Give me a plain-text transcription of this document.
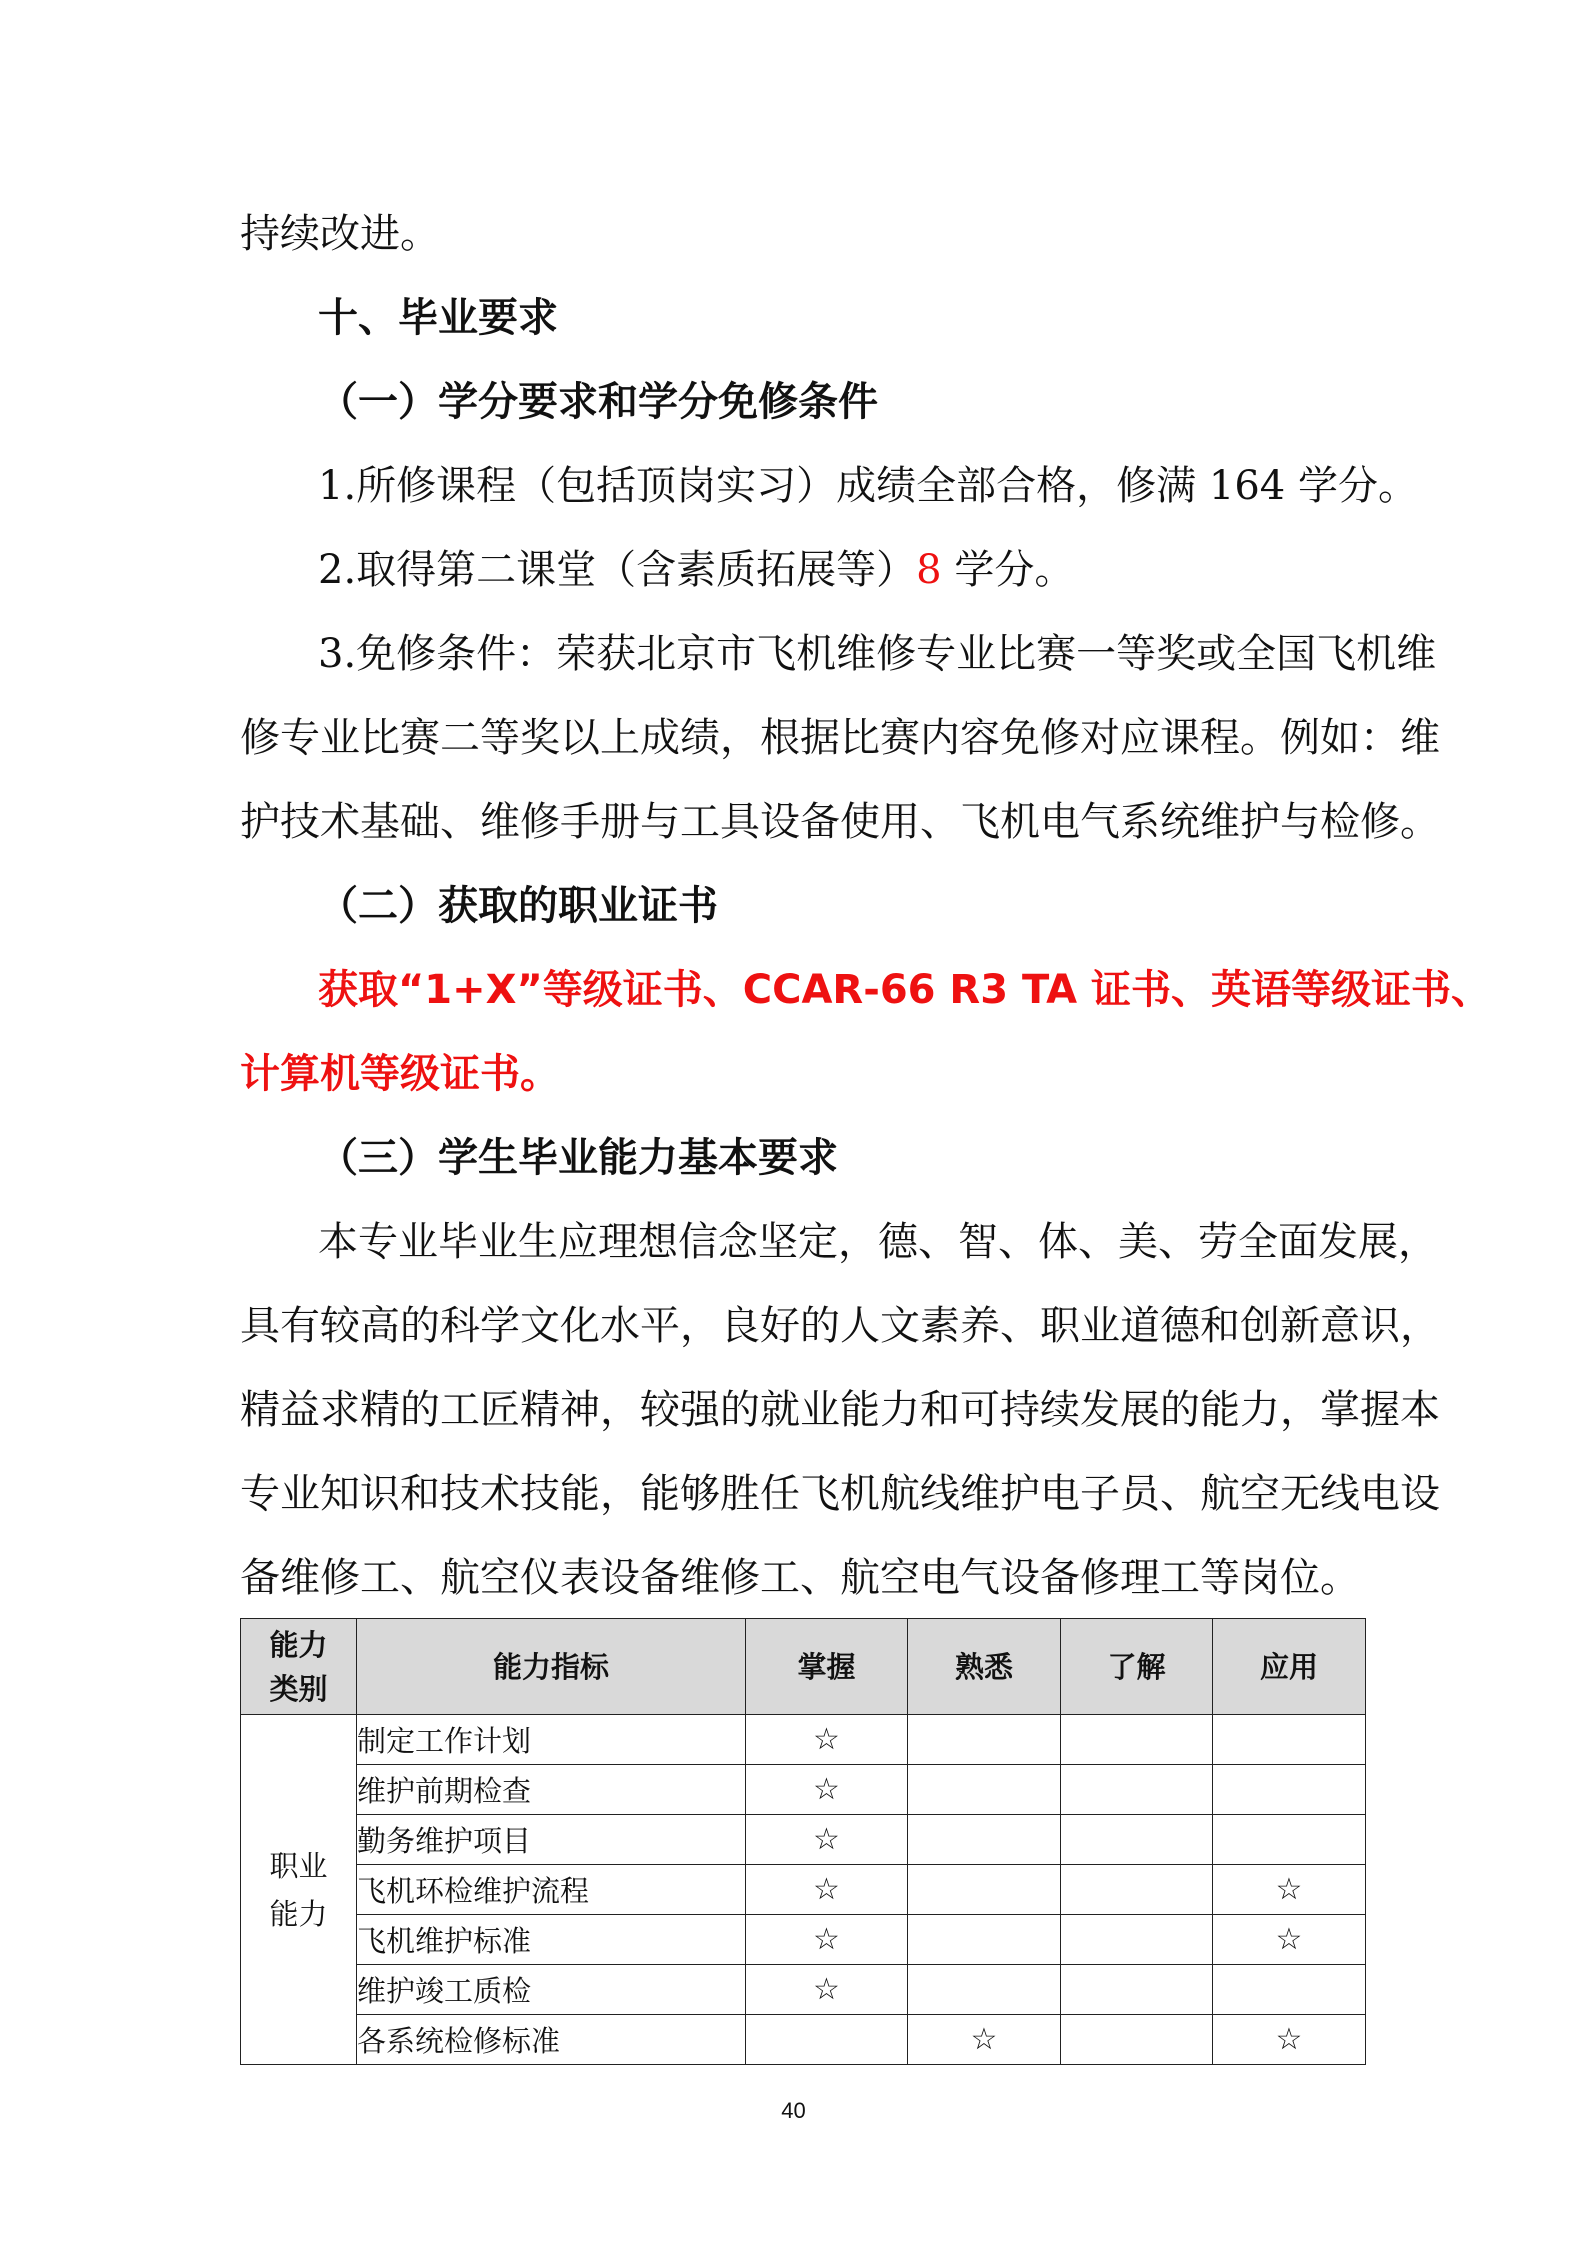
持续改进。

十、毕业要求

（一）学分要求和学分免修条件

1.所修课程（包括顶岗实习）成绩全部合格，修满 164 学分。

2.取得第二课堂（含素质拓展等）8 学分。

3.免修条件：荣获北京市飞机维修专业比赛一等奖或全国飞机维

修专业比赛二等奖以上成绩，根据比赛内容免修对应课程。例如：维

护技术基础、维修手册与工具设备使用、飞机电气系统维护与检修。

（二）获取的职业证书

获取“1+X”等级证书、CCAR-66 R3 TA 证书、英语等级证书、

计算机等级证书。

（三）学生毕业能力基本要求

本专业毕业生应理想信念坚定，德、智、体、美、劳全面发展，

具有较高的科学文化水平，良好的人文素养、职业道德和创新意识，

精益求精的工匠精神，较强的就业能力和可持续发展的能力，掌握本

专业知识和技术技能，能够胜任飞机航线维护电子员、航空无线电设

备维修工、航空仪表设备维修工、航空电气设备修理工等岗位。

能力
类别	能力指标	掌握	熟悉	了解	应用
职业
能力	制定工作计划	☆			
	维护前期检查	☆			
	勤务维护项目	☆			
	飞机环检维护流程	☆			☆
	飞机维护标准	☆			☆
	维护竣工质检	☆			
	各系统检修标准		☆		☆
40
